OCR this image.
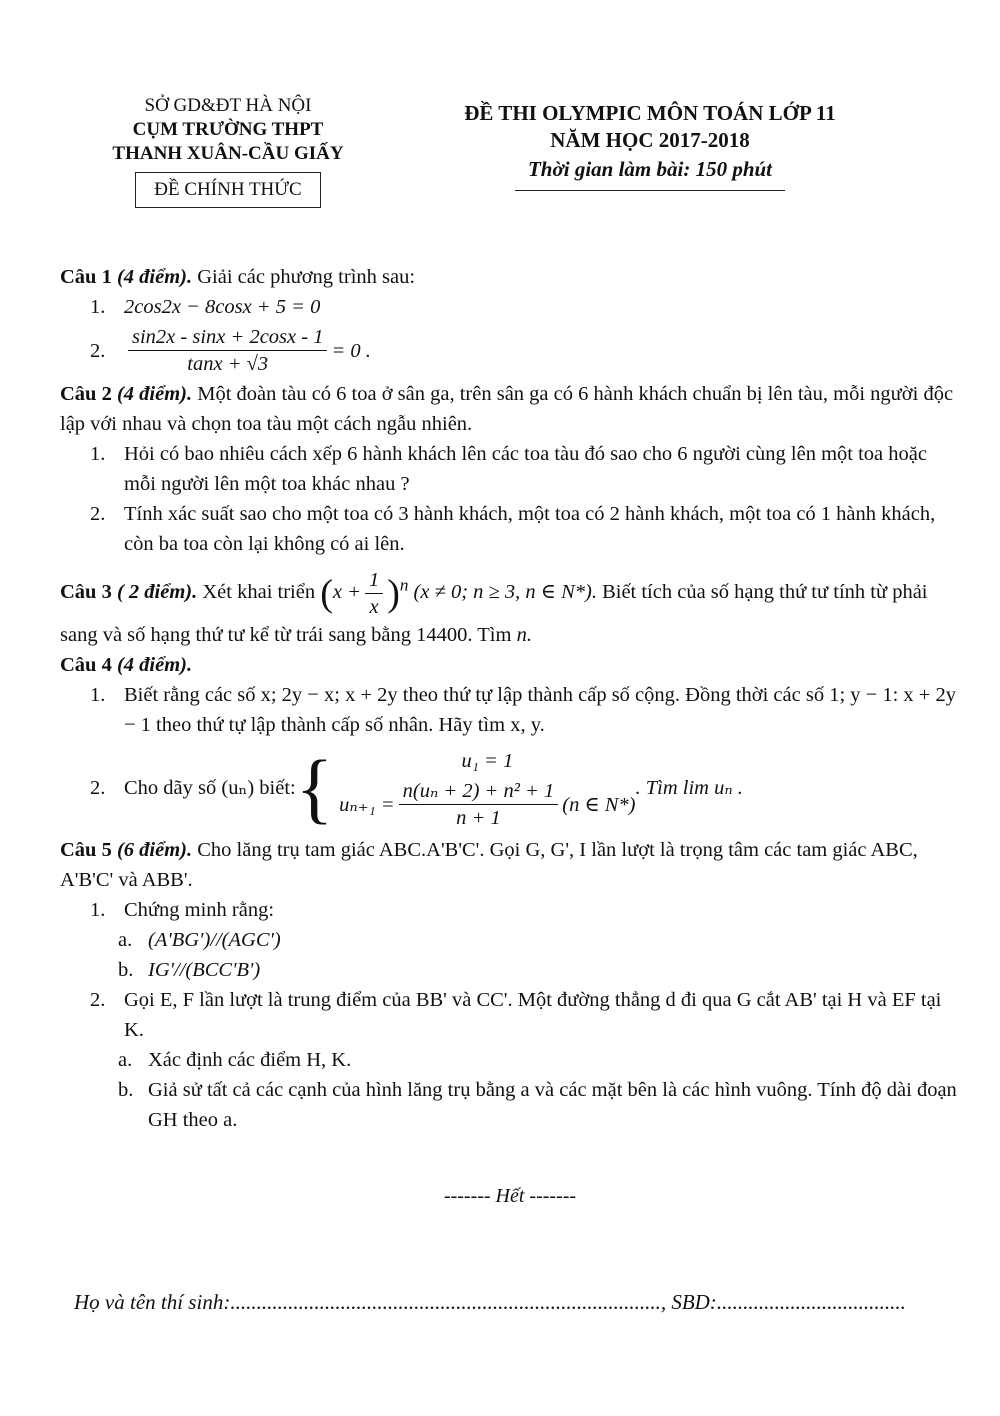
SỞ GD&ĐT HÀ NỘI
CỤM TRƯỜNG THPT
THANH XUÂN-CẦU GIẤY
ĐỀ CHÍNH THỨC
ĐỀ THI OLYMPIC MÔN TOÁN LỚP 11
NĂM HỌC 2017-2018
Thời gian làm bài: 150 phút
Câu 1 (4 điểm). Giải các phương trình sau:
1. 2cos2x − 8cosx + 5 = 0
2.	$\frac{\sin 2x - \sin x + 2\cos x - 1}{\tan x + √3} = 0$ .
Câu 2 (4 điểm). Một đoàn tàu có 6 toa ở sân ga, trên sân ga có 6 hành khách chuẩn bị lên tàu, mỗi người độc lập với nhau và chọn toa tàu một cách ngẫu nhiên.
1. Hỏi có bao nhiêu cách xếp 6 hành khách lên các toa tàu đó sao cho 6 người cùng lên một toa hoặc mỗi người lên một toa khác nhau ?
2. Tính xác suất sao cho một toa có 3 hành khách, một toa có 2 hành khách, một toa có 1 hành khách, còn ba toa còn lại không có ai lên.
Câu 3 ( 2 điểm). Xét khai triển $(x + \frac{1}{x} )^n$ (x ≠ 0; n ≥ 3, n ∈ N*). Biết tích của số hạng thứ tư tính từ phải sang và số hạng thứ tư kể từ trái sang bằng 14400. Tìm n.
Câu 4 (4 điểm).
1. Biết rằng các số x; 2y − x; x + 2y theo thứ tự lập thành cấp số cộng. Đồng thời các số 1; y − 1: x + 2y − 1 theo thứ tự lập thành cấp số nhân. Hãy tìm x, y.
2. Cho dãy số (uₙ) biết: {	u₁ = 1
$u_{n+1} = \frac{\text{n(uₙ + 2) + n² + 1}}{n + 1} (n$ ∈ N*)
. Tìm lim uₙ .
Câu 5 (6 điểm). Cho lăng trụ tam giác ABC.A'B'C'. Gọi G, G', I lần lượt là trọng tâm các tam giác ABC, A'B'C' và ABB'.
1. Chứng minh rằng:
a. (A'BG')//(AGC')
b. IG'//(BCC'B')
2. Gọi E, F lần lượt là trung điểm của BB' và CC'. Một đường thẳng d đi qua G cắt AB' tại H và EF tại K.
a. Xác định các điểm H, K.
b. Giả sử tất cả các cạnh của hình lăng trụ bằng a và các mặt bên là các hình vuông. Tính độ dài đoạn GH theo a.
------- Hết -------
Họ và tên thí sinh:.................................................................................., SBD:....................................
